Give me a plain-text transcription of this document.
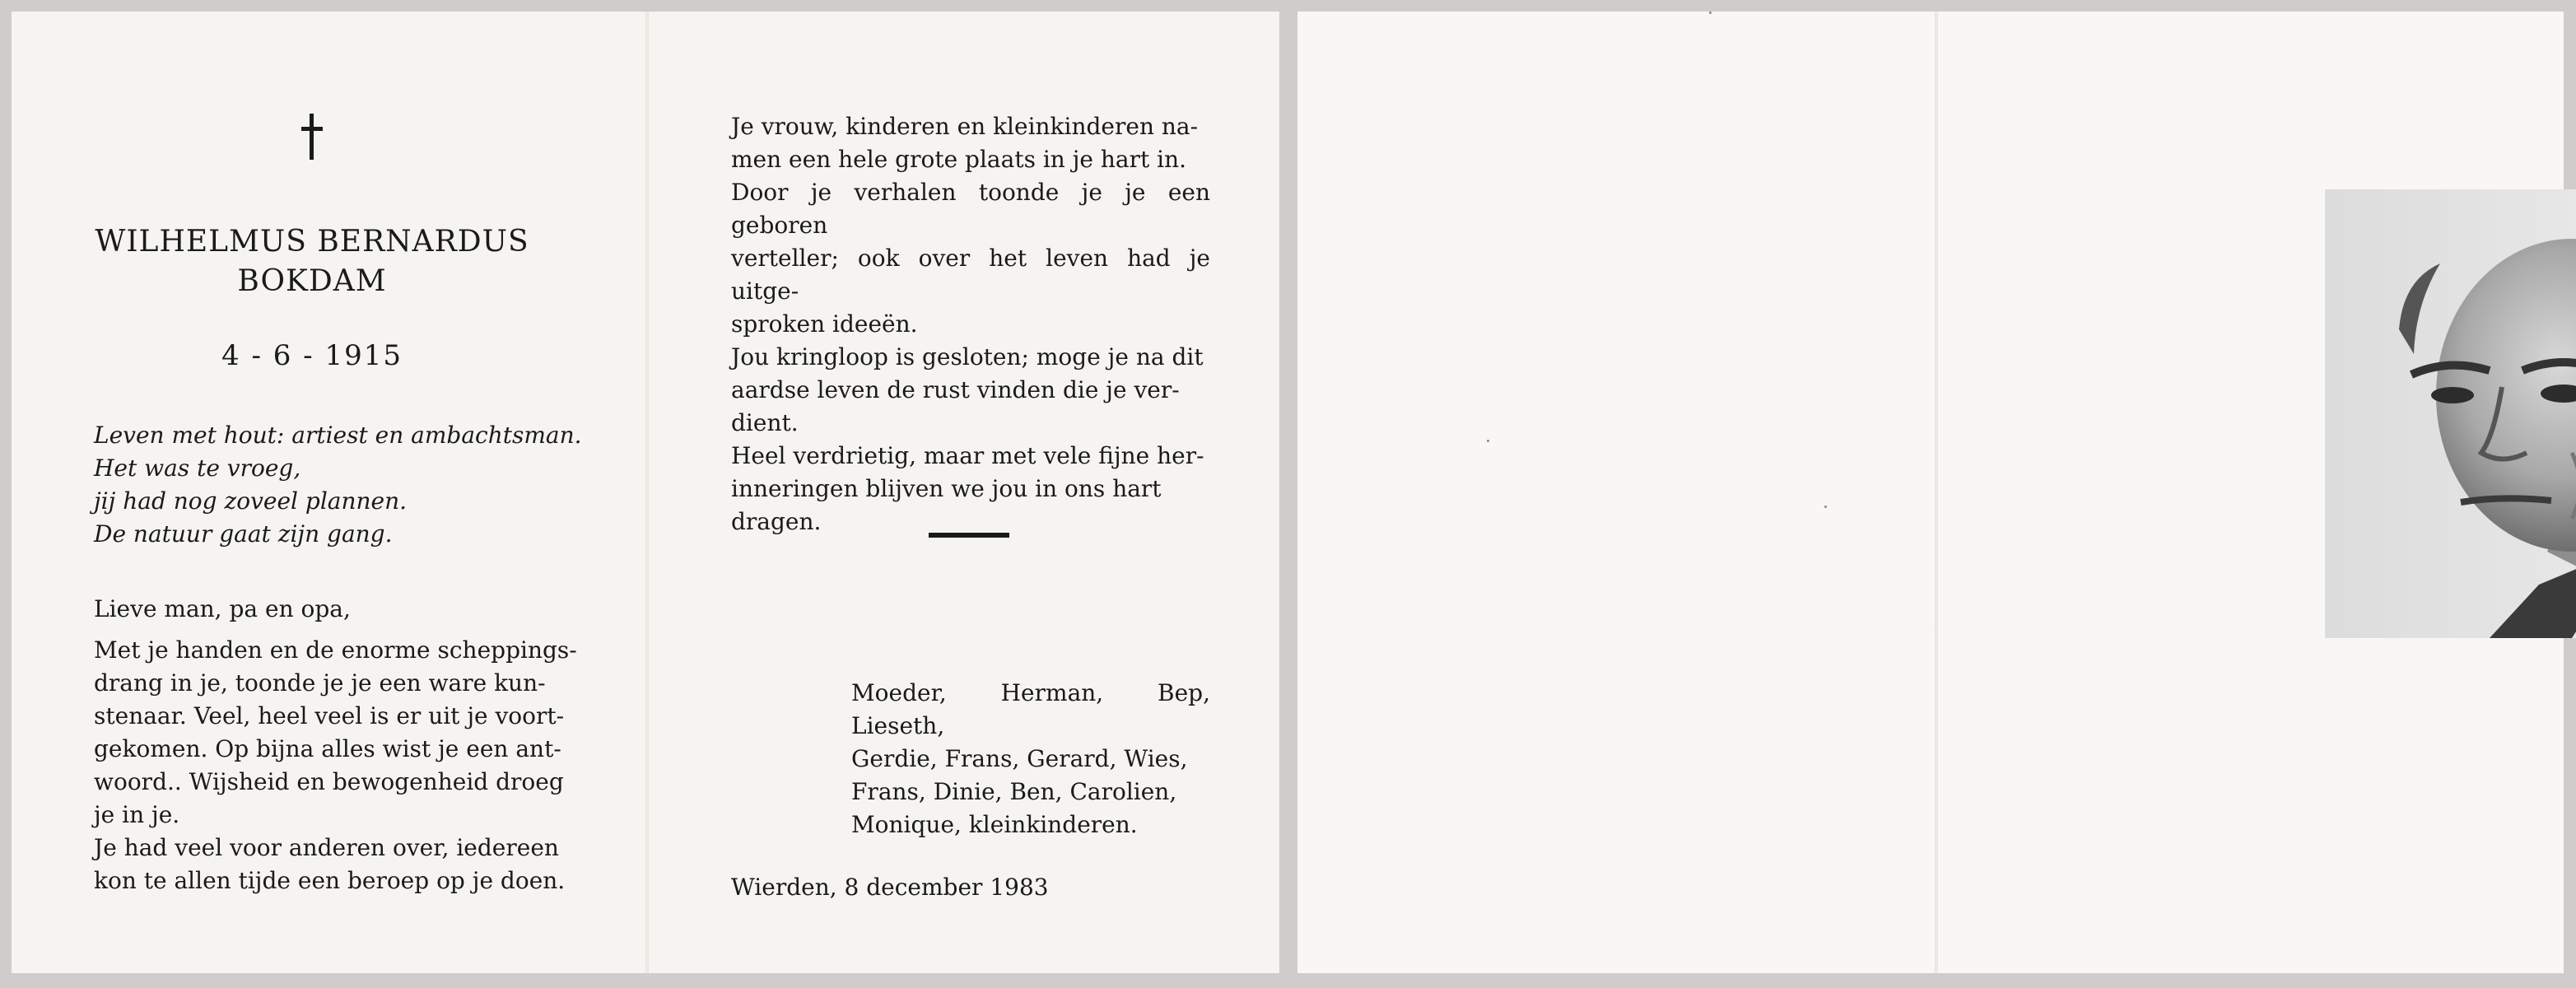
WILHELMUS BERNARDUS
BOKDAM
4 - 6 - 1915
Leven met hout: artiest en ambachtsman.
Het was te vroeg,
jij had nog zoveel plannen.
De natuur gaat zijn gang.
Lieve man, pa en opa,
Met je handen en de enorme scheppings-
drang in je, toonde je je een ware kun-
stenaar. Veel, heel veel is er uit je voort-
gekomen. Op bijna alles wist je een ant-
woord.. Wijsheid en bewogenheid droeg
je in je.
Je had veel voor anderen over, iedereen
kon te allen tijde een beroep op je doen.
Je vrouw, kinderen en kleinkinderen na-
men een hele grote plaats in je hart in.
Door je verhalen toonde je je een geboren
verteller; ook over het leven had je uitge-
sproken ideeën.
Jou kringloop is gesloten; moge je na dit
aardse leven de rust vinden die je ver-
dient.
Heel verdrietig, maar met vele fijne her-
inneringen blijven we jou in ons hart
dragen.
Moeder, Herman, Bep, Lieseth,
Gerdie, Frans, Gerard, Wies,
Frans, Dinie, Ben, Carolien,
Monique, kleinkinderen.
Wierden, 8 december 1983
